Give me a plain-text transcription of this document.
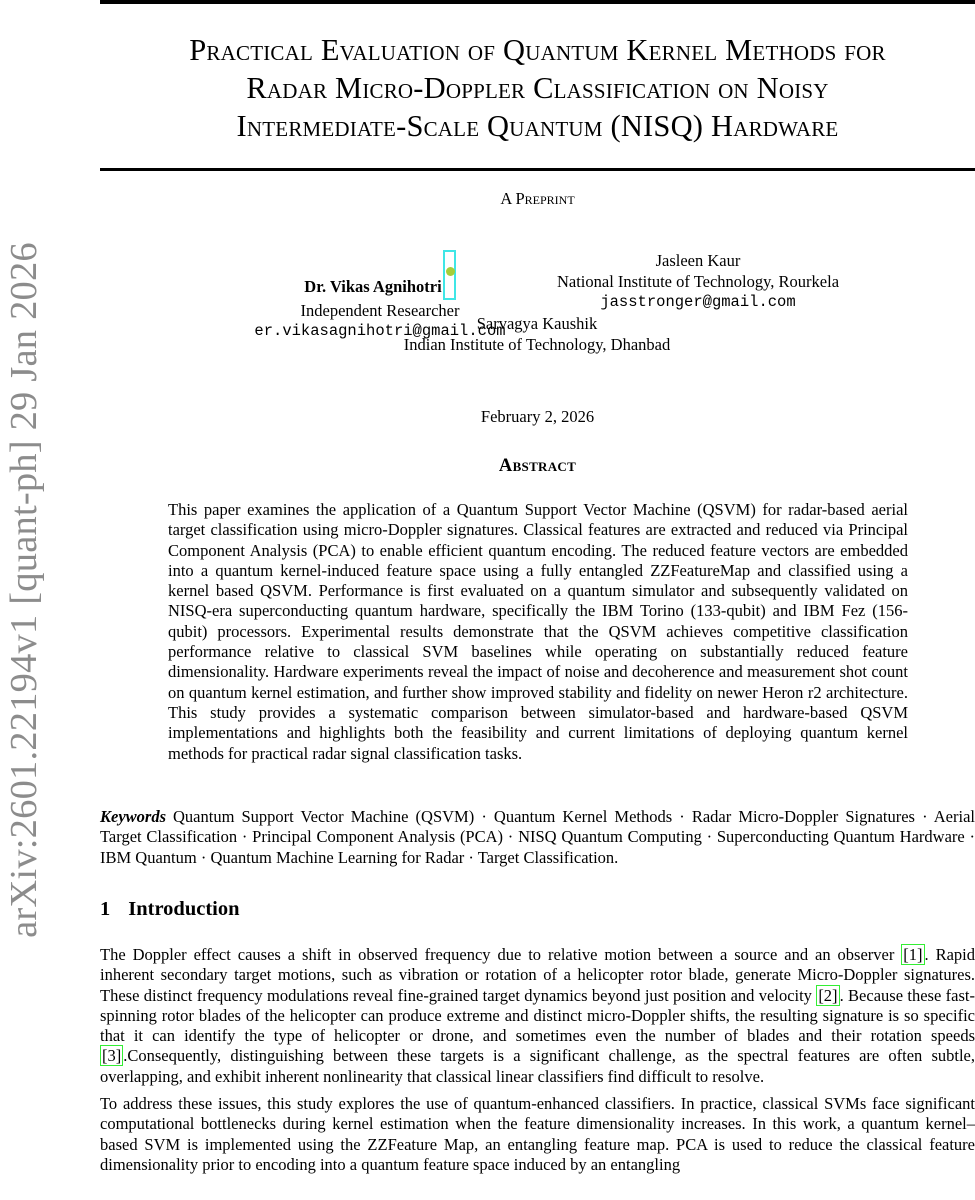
arXiv:2601.22194v1 [quant-ph] 29 Jan 2026
Practical Evaluation of Quantum Kernel Methods for
Radar Micro-Doppler Classification on Noisy
Intermediate-Scale Quantum (NISQ) Hardware
A Preprint
Dr. Vikas Agnihotri
Independent Researcher
er.vikasagnihotri@gmail.com
Jasleen Kaur
National Institute of Technology, Rourkela
jasstronger@gmail.com
Sarvagya Kaushik
Indian Institute of Technology, Dhanbad
February 2, 2026
Abstract

This paper examines the application of a Quantum Support Vector Machine (QSVM) for radar-based aerial target classification using micro-Doppler signatures. Classical features are extracted and reduced via Principal Component Analysis (PCA) to enable efficient quantum encoding. The reduced feature vectors are embedded into a quantum kernel-induced feature space using a fully entangled ZZFeatureMap and classified using a kernel based QSVM. Performance is first evaluated on a quantum simulator and subsequently validated on NISQ-era superconducting quantum hardware, specifically the IBM Torino (133-qubit) and IBM Fez (156-qubit) processors. Experimental results demonstrate that the QSVM achieves competitive classification performance relative to classical SVM baselines while operating on substantially reduced feature dimensionality. Hardware experiments reveal the impact of noise and decoherence and measurement shot count on quantum kernel estimation, and further show improved stability and fidelity on newer Heron r2 architecture. This study provides a systematic comparison between simulator-based and hardware-based QSVM implementations and highlights both the feasibility and current limitations of deploying quantum kernel methods for practical radar signal classification tasks.

Keywords Quantum Support Vector Machine (QSVM) · Quantum Kernel Methods · Radar Micro-Doppler Signatures · Aerial Target Classification · Principal Component Analysis (PCA) · NISQ Quantum Computing · Superconducting Quantum Hardware · IBM Quantum · Quantum Machine Learning for Radar · Target Classification.

1 Introduction

The Doppler effect causes a shift in observed frequency due to relative motion between a source and an observer [1] . Rapid inherent secondary target motions, such as vibration or rotation of a helicopter rotor blade, generate Micro-Doppler signatures. These distinct frequency modulations reveal fine-grained target dynamics beyond just position and velocity [2] . Because these fast-spinning rotor blades of the helicopter can produce extreme and distinct micro-Doppler shifts, the resulting signature is so specific that it can identify the type of helicopter or drone, and sometimes even the number of blades and their rotation speeds [3] .Consequently, distinguishing between these targets is a significant challenge, as the spectral features are often subtle, overlapping, and exhibit inherent nonlinearity that classical linear classifiers find difficult to resolve.

To address these issues, this study explores the use of quantum-enhanced classifiers. In practice, classical SVMs face significant computational bottlenecks during kernel estimation when the feature dimensionality increases. In this work, a quantum kernel–based SVM is implemented using the ZZFeature Map, an entangling feature map. PCA is used to reduce the classical feature dimensionality prior to encoding into a quantum feature space induced by an entangling
